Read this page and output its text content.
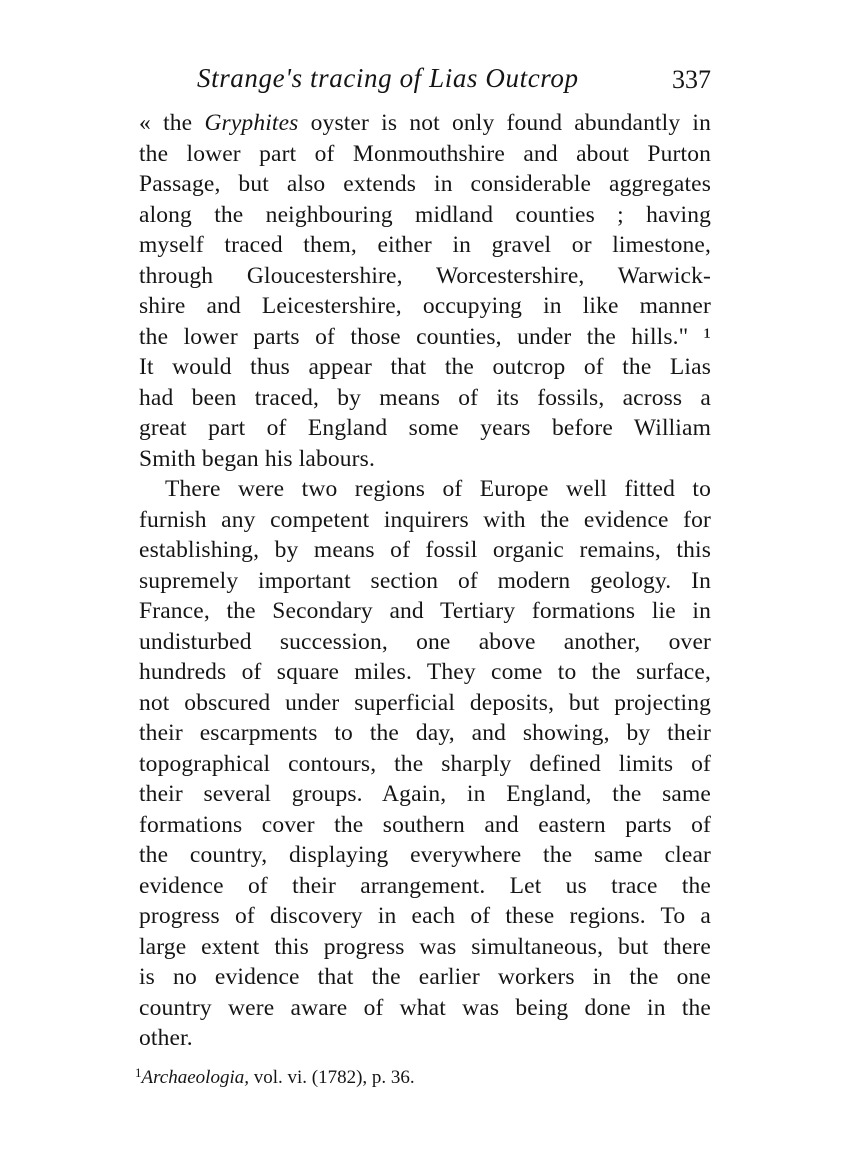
Strange's tracing of Lias Outcrop	337

« the Gryphites oyster is not only found abundantly in
the lower part of Monmouthshire and about Purton
Passage, but also extends in considerable aggregates
along the neighbouring midland counties ; having
myself traced them, either in gravel or limestone,
through Gloucestershire, Worcestershire, Warwick-
shire and Leicestershire, occupying in like manner
the lower parts of those counties, under the hills." ¹
It would thus appear that the outcrop of the Lias
had been traced, by means of its fossils, across a
great part of England some years before William
Smith began his labours.

There were two regions of Europe well fitted to
furnish any competent inquirers with the evidence for
establishing, by means of fossil organic remains, this
supremely important section of modern geology. In
France, the Secondary and Tertiary formations lie in
undisturbed succession, one above another, over
hundreds of square miles. They come to the surface,
not obscured under superficial deposits, but projecting
their escarpments to the day, and showing, by their
topographical contours, the sharply defined limits of
their several groups. Again, in England, the same
formations cover the southern and eastern parts of
the country, displaying everywhere the same clear
evidence of their arrangement. Let us trace the
progress of discovery in each of these regions. To a
large extent this progress was simultaneous, but there
is no evidence that the earlier workers in the one
country were aware of what was being done in the
other.

$^1$Archaeologia, vol. vi. (1782), p. 36.
